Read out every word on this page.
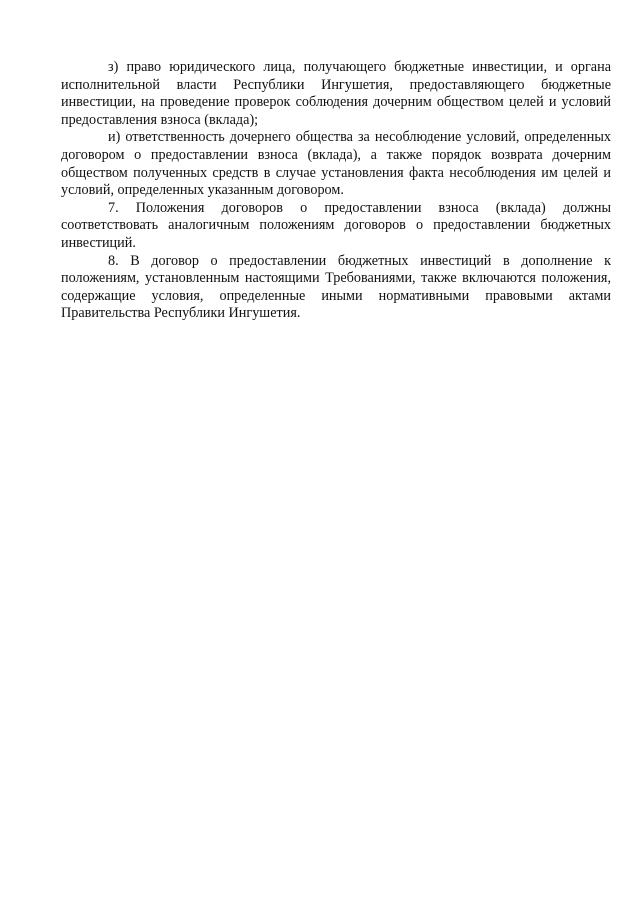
з) право юридического лица, получающего бюджетные инвестиции, и органа исполнительной власти Республики Ингушетия, предоставляющего бюджетные инвестиции, на проведение проверок соблюдения дочерним обществом целей и условий предоставления взноса (вклада);

и) ответственность дочернего общества за несоблюдение условий, определенных договором о предоставлении взноса (вклада), а также порядок возврата дочерним обществом полученных средств в случае установления факта несоблюдения им целей и условий, определенных указанным договором.

7. Положения договоров о предоставлении взноса (вклада) должны соответствовать аналогичным положениям договоров о предоставлении бюджетных инвестиций.

8. В договор о предоставлении бюджетных инвестиций в дополнение к положениям, установленным настоящими Требованиями, также включаются положения, содержащие условия, определенные иными нормативными правовыми актами Правительства Республики Ингушетия.
